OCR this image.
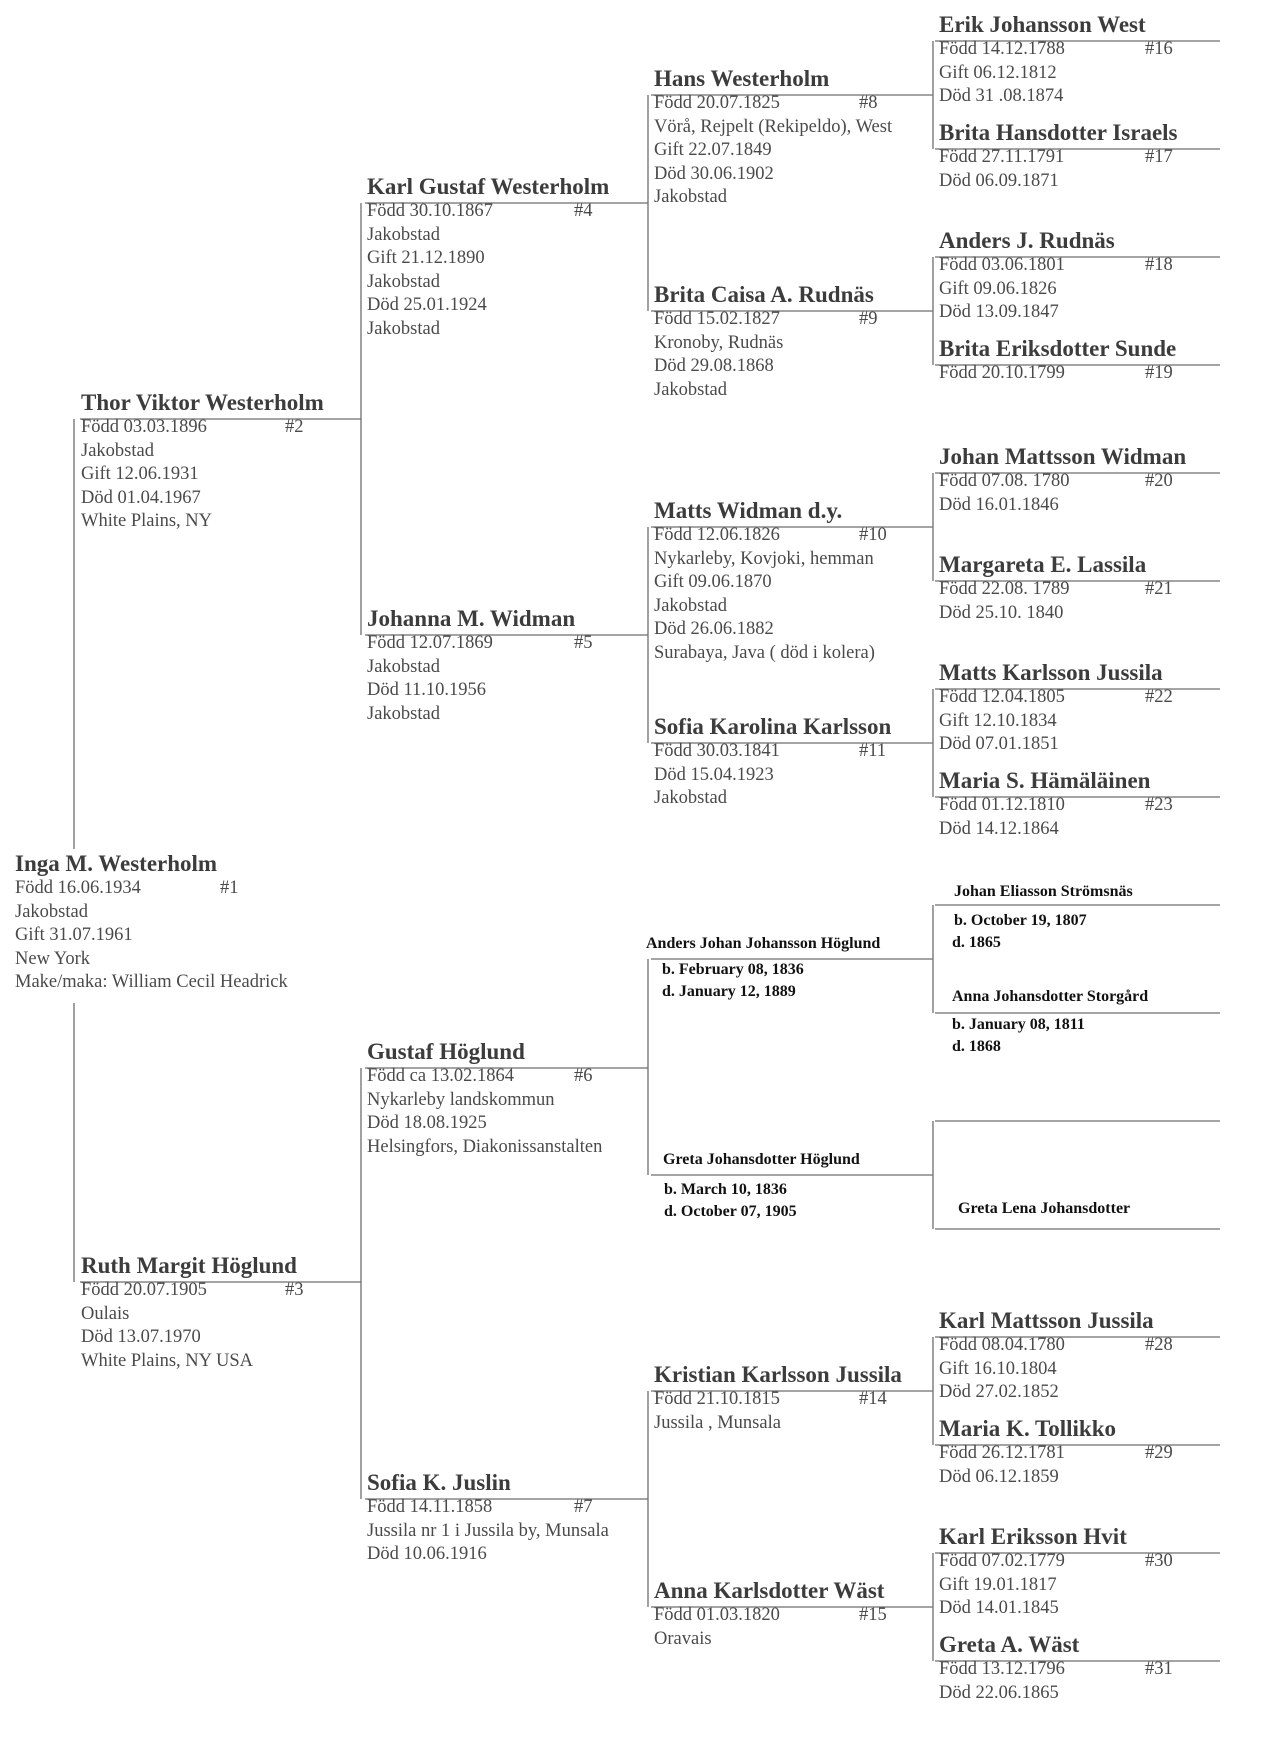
Inga M. Westerholm
Född 16.06.1934	#1
Jakobstad
Gift 31.07.1961
New York
Make/maka: William Cecil Headrick
Thor Viktor Westerholm
Född 03.03.1896	#2
Jakobstad
Gift 12.06.1931
Död 01.04.1967
White Plains, NY
Ruth Margit Höglund
Född 20.07.1905	#3
Oulais
Död 13.07.1970
White Plains, NY USA
Karl Gustaf Westerholm
Född 30.10.1867	#4
Jakobstad
Gift 21.12.1890
Jakobstad
Död 25.01.1924
Jakobstad
Johanna M. Widman
Född 12.07.1869	#5
Jakobstad
Död 11.10.1956
Jakobstad
Gustaf Höglund
Född ca 13.02.1864	#6
Nykarleby landskommun
Död 18.08.1925
Helsingfors, Diakonissanstalten
Sofia K. Juslin
Född 14.11.1858	#7
Jussila nr 1 i Jussila by, Munsala
Död 10.06.1916
Hans Westerholm
Född 20.07.1825	#8
Vörå, Rejpelt (Rekipeldo), West
Gift 22.07.1849
Död 30.06.1902
Jakobstad
Brita Caisa A. Rudnäs
Född 15.02.1827	#9
Kronoby, Rudnäs
Död 29.08.1868
Jakobstad
Matts Widman d.y.
Född 12.06.1826	#10
Nykarleby, Kovjoki, hemman
Gift 09.06.1870
Jakobstad
Död 26.06.1882
Surabaya, Java ( död i kolera)
Sofia Karolina Karlsson
Född 30.03.1841	#11
Död 15.04.1923
Jakobstad
Anders Johan Johansson Höglund
b. February 08, 1836
d. January 12, 1889
Greta Johansdotter Höglund
b. March 10, 1836
d. October 07, 1905
Kristian Karlsson Jussila
Född 21.10.1815	#14
Jussila , Munsala
Anna Karlsdotter Wäst
Född 01.03.1820	#15
Oravais
Erik Johansson West
Född 14.12.1788	#16
Gift 06.12.1812
Död 31 .08.1874
Brita Hansdotter Israels
Född 27.11.1791	#17
Död 06.09.1871
Anders J. Rudnäs
Född 03.06.1801	#18
Gift 09.06.1826
Död 13.09.1847
Brita Eriksdotter Sunde
Född 20.10.1799	#19
Johan Mattsson Widman
Född 07.08. 1780	#20
Död 16.01.1846
Margareta E. Lassila
Född 22.08. 1789	#21
Död 25.10. 1840
Matts Karlsson Jussila
Född 12.04.1805	#22
Gift 12.10.1834
Död 07.01.1851
Maria S. Hämäläinen
Född 01.12.1810	#23
Död 14.12.1864
Johan Eliasson Strömsnäs
b. October 19, 1807
d. 1865
Anna Johansdotter Storgård
b. January 08, 1811
d. 1868
Greta Lena Johansdotter
Karl Mattsson Jussila
Född 08.04.1780	#28
Gift 16.10.1804
Död 27.02.1852
Maria K. Tollikko
Född 26.12.1781	#29
Död 06.12.1859
Karl Eriksson Hvit
Född 07.02.1779	#30
Gift 19.01.1817
Död 14.01.1845
Greta A. Wäst
Född 13.12.1796	#31
Död 22.06.1865
